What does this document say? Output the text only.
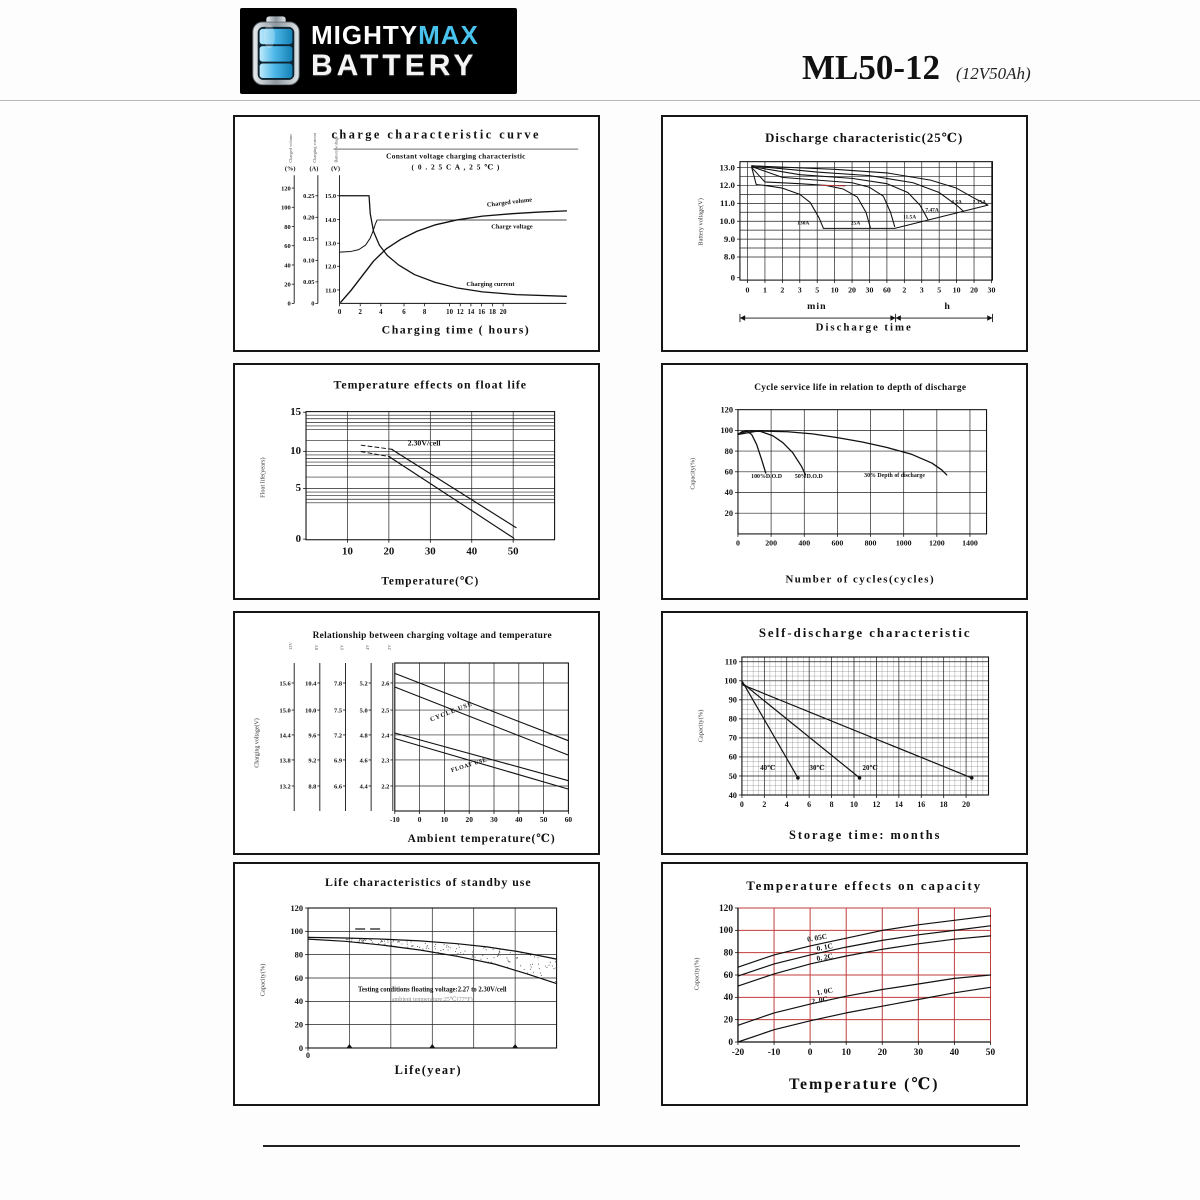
MIGHTYMAX
BATTERY	ML50-12 (12V50Ah)
0 2 4	6 8	10 12 14 16 18 20
120
100
80
60
40
20
0
(%)
Charged volume
0.25
0.20
0.15
0.10
0.05
0
(A)
Charging current
15.0
14.0
13.0
12.0
11.0
(V)
Battery voltage
Charged volume
Charge voltage
Charging current
charge characteristic curve
Constant voltage charging characteristic
( 0 . 2 5 C A , 2 5 ℃ )
Charging time ( hours)
0 1 2 3 5 10 20 30 60 2 3 5 10 20 30
13.0
12.0
11.0
10.0
9.0
8.0
0
130A	25A
11.5A
7.47A
4.5A 2.35A
Discharge characteristic(25℃)
Discharge time
Battery voltage(V)
min	h
10	20	30	40	50
15
10
5
0
2.30V/cell
Temperature effects on float life
Temperature(℃)
Float life(years)
0	200	400	600	800 1000 1200 1400
120
100
80
60
40
20
100%D.O.D 50%D.O.D	30% Depth of discharge
Cycle service life in relation to depth of discharge
Number of cycles(cycles)
Capacity(%)
-10 0	10 20 30 40 50 60
15.6
15.0
14.4
13.8
13.2
12V
10.4
10.0
9.6
9.2
8.8
8V
7.8
7.5
7.2
6.9
6.6
6V
5.2
5.0
4.8
4.6
4.4
4V
2.6
2.5
2.4
2.3
2.2
2V
CYCLE USE
FLOAT USE
Relationship between charging voltage and temperature
Ambient temperature(℃)
Charging voltage(V)
0 2 4 6 8 10 12 14 16 18 20
110
100
90
80
70
60
50
40
40℃	30℃	20℃
Self-discharge characteristic
Storage time: months
Capacity(%)
0
120
100
80
60
40
20
0
Testing conditions floating voltage:2.27 to 2.30V/cell
ambient temperature:25℃(77°F)
Life characteristics of standby use
Life(year)
Capacity(%)
-20 -10	0	10	20	30	40	50
120
100
80
60
40
20
0
0. 05C
0. 1C
0. 2C
1. 0C
2. 0C
Temperature effects on capacity
Temperature (℃)
Capacity(%)
